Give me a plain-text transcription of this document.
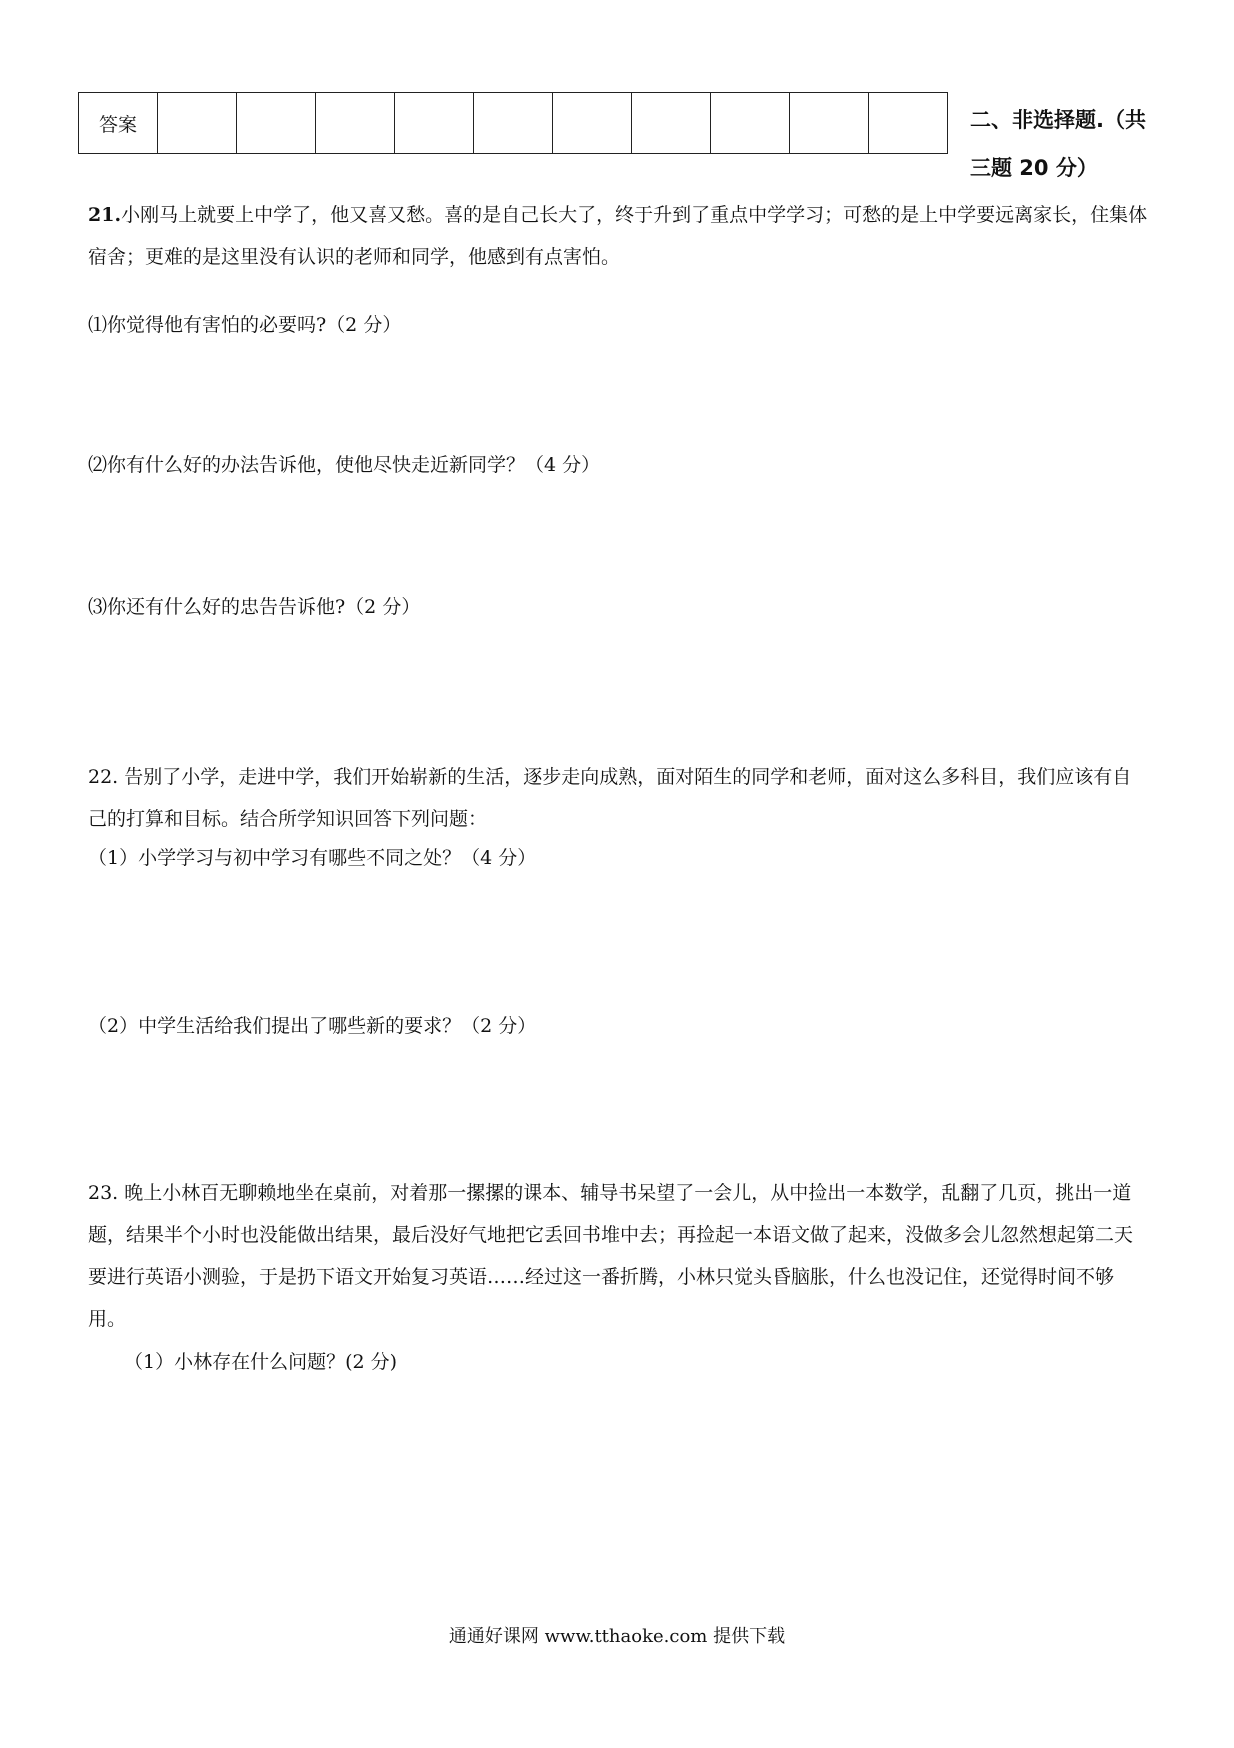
答案											二、非选择题.（共
三题 20 分）

21.小刚马上就要上中学了，他又喜又愁。喜的是自己长大了，终于升到了重点中学学习；可愁的是上中学要远离家长，住集体宿舍；更难的是这里没有认识的老师和同学，他感到有点害怕。

⑴你觉得他有害怕的必要吗?（2 分）
⑵你有什么好的办法告诉他，使他尽快走近新同学？（4 分）
⑶你还有什么好的忠告告诉他?（2 分）

22. 告别了小学，走进中学，我们开始崭新的生活，逐步走向成熟，面对陌生的同学和老师，面对这么多科目，我们应该有自己的打算和目标。结合所学知识回答下列问题：

（1）小学学习与初中学习有哪些不同之处？（4 分）
（2）中学生活给我们提出了哪些新的要求？（2 分）

23. 晚上小林百无聊赖地坐在桌前，对着那一摞摞的课本、辅导书呆望了一会儿，从中捡出一本数学，乱翻了几页，挑出一道题，结果半个小时也没能做出结果，最后没好气地把它丢回书堆中去；再捡起一本语文做了起来，没做多会儿忽然想起第二天要进行英语小测验，于是扔下语文开始复习英语……经过这一番折腾，小林只觉头昏脑胀，什么也没记住，还觉得时间不够用。

（1）小林存在什么问题？(2 分)
通通好课网 www.tthaoke.com 提供下载
